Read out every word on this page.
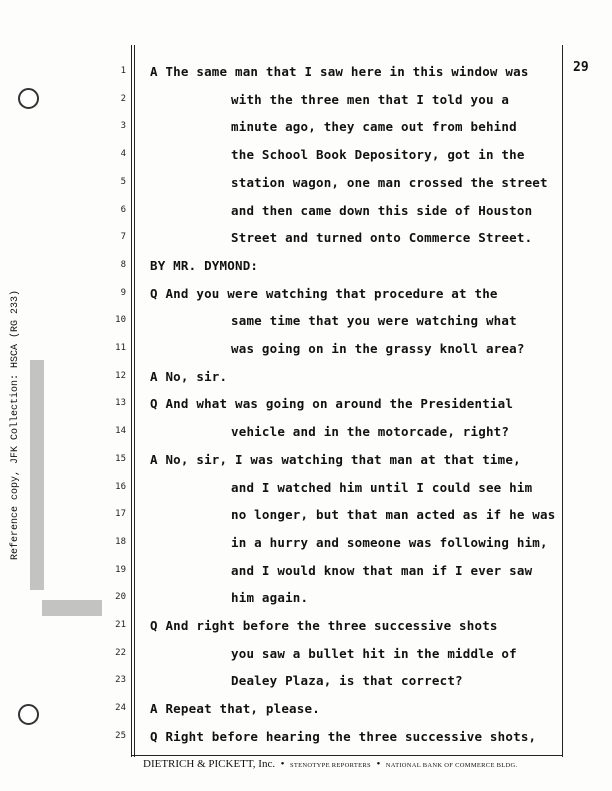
29
1 A The same man that I saw here in this window was
2	with the three men that I told you a
3	minute ago, they came out from behind
4	the School Book Depository, got in the
5	station wagon, one man crossed the street
6	and then came down this side of Houston
7	Street and turned onto Commerce Street.
8 BY MR. DYMOND:
9 Q And you were watching that procedure at the
10	same time that you were watching what
11	was going on in the grassy knoll area?
12 A No, sir.
13 Q And what was going on around the Presidential
14	vehicle and in the motorcade, right?
15 A No, sir, I was watching that man at that time,
16	and I watched him until I could see him
17	no longer, but that man acted as if he was
18	in a hurry and someone was following him,
19	and I would know that man if I ever saw
20	him again.
21 Q And right before the three successive shots
22	you saw a bullet hit in the middle of
23	Dealey Plaza, is that correct?
24 A Repeat that, please.
25 Q Right before hearing the three successive shots,
DIETRICH & PICKETT, Inc. • STENOTYPE REPORTERS • NATIONAL BANK OF COMMERCE BLDG.
Reference copy, JFK Collection: HSCA (RG 233)
